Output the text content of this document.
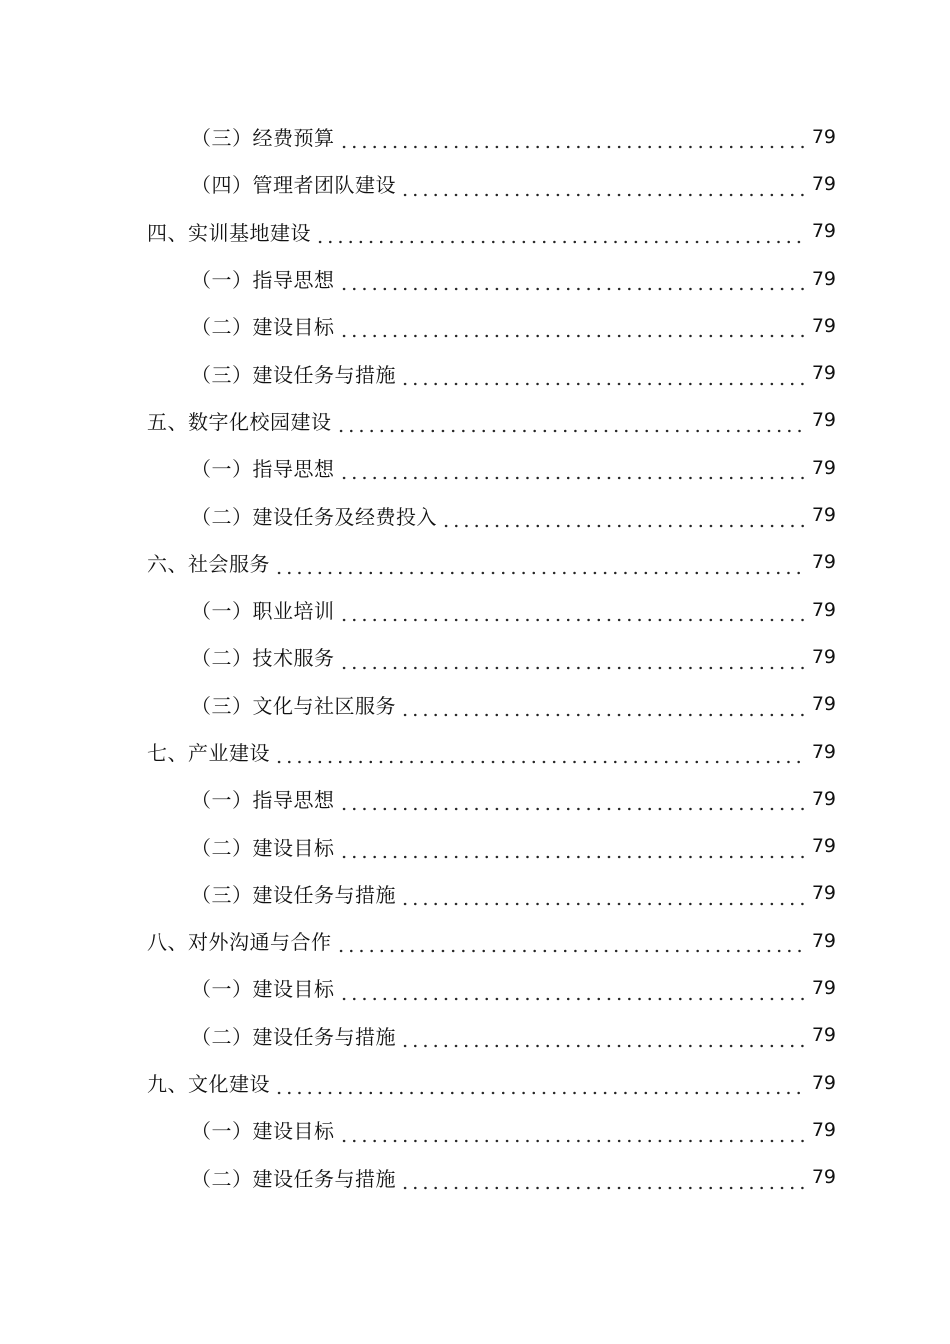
（三）经费预算	79
（四）管理者团队建设	79
四、实训基地建设	79
（一）指导思想	79
（二）建设目标	79
（三）建设任务与措施	79
五、数字化校园建设	79
（一）指导思想	79
（二）建设任务及经费投入	79
六、社会服务	79
（一）职业培训	79
（二）技术服务	79
（三）文化与社区服务	79
七、产业建设	79
（一）指导思想	79
（二）建设目标	79
（三）建设任务与措施	79
八、对外沟通与合作	79
（一）建设目标	79
（二）建设任务与措施	79
九、文化建设	79
（一）建设目标	79
（二）建设任务与措施	79
